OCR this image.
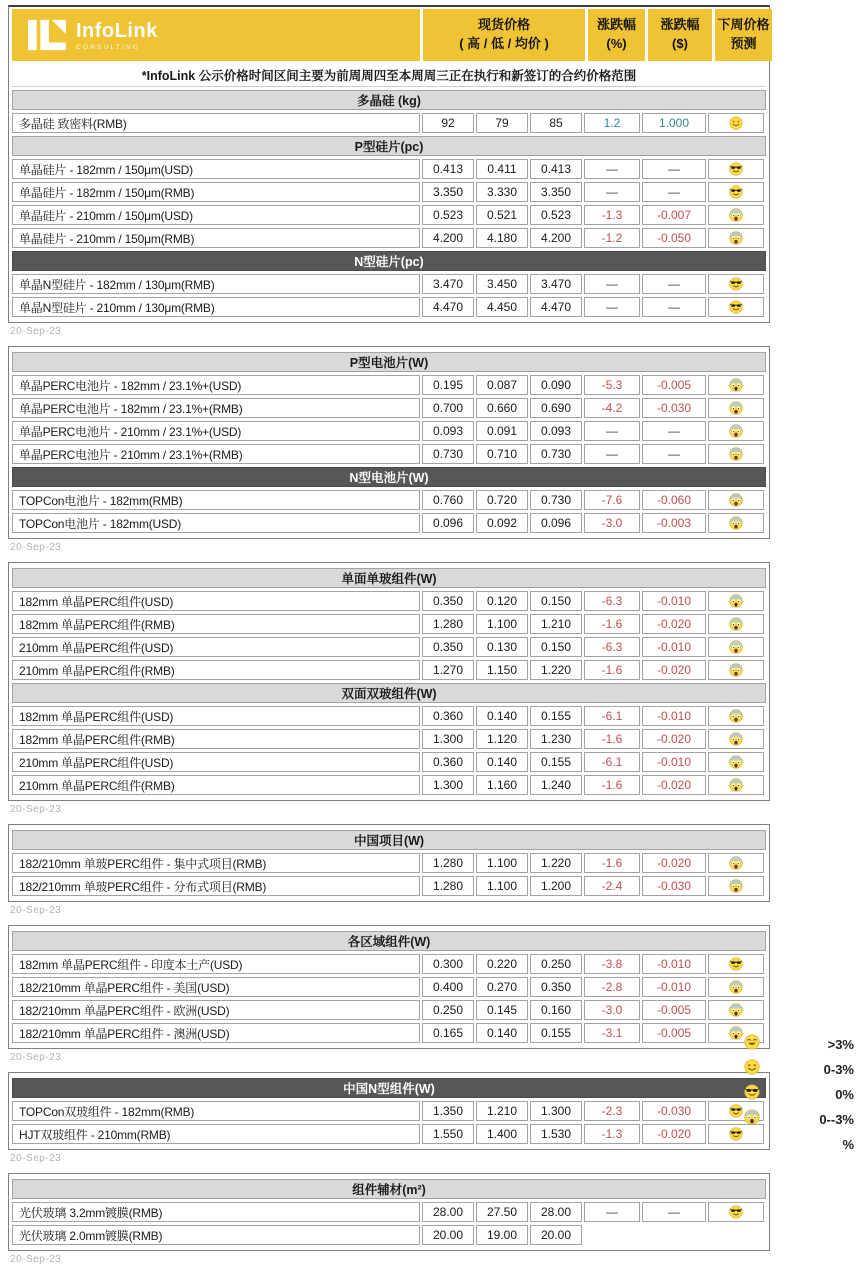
InfoLink
CONSULTING
现货价格
( 高 / 低 / 均价 )
涨跌幅
(%)
涨跌幅
($)
下周价格
预测
*InfoLink 公示价格时间区间主要为前周周四至本周周三正在执行和新签订的合约价格范围
多晶硅 (kg)
多晶硅 致密料(RMB)	92	79	85	1.2	1.000
P型硅片(pc)
单晶硅片 - 182mm / 150μm(USD)	0.413	0.411	0.413	—	—
单晶硅片 - 182mm / 150μm(RMB)	3.350	3.330	3.350	—	—
单晶硅片 - 210mm / 150μm(USD)	0.523	0.521	0.523	-1.3	-0.007
单晶硅片 - 210mm / 150μm(RMB)	4.200	4.180	4.200	-1.2	-0.050
N型硅片(pc)
单晶N型硅片 - 182mm / 130μm(RMB)	3.470	3.450	3.470	—	—
单晶N型硅片 - 210mm / 130μm(RMB)	4.470	4.450	4.470	—	—
20-Sep-23
P型电池片(W)
单晶PERC电池片 - 182mm / 23.1%+(USD)	0.195	0.087	0.090	-5.3	-0.005
单晶PERC电池片 - 182mm / 23.1%+(RMB)	0.700	0.660	0.690	-4.2	-0.030
单晶PERC电池片 - 210mm / 23.1%+(USD)	0.093	0.091	0.093	—	—
单晶PERC电池片 - 210mm / 23.1%+(RMB)	0.730	0.710	0.730	—	—
N型电池片(W)
TOPCon电池片 - 182mm(RMB)	0.760	0.720	0.730	-7.6	-0.060
TOPCon电池片 - 182mm(USD)	0.096	0.092	0.096	-3.0	-0.003
20-Sep-23
单面单玻组件(W)
182mm 单晶PERC组件(USD)	0.350	0.120	0.150	-6.3	-0.010
182mm 单晶PERC组件(RMB)	1.280	1.100	1.210	-1.6	-0.020
210mm 单晶PERC组件(USD)	0.350	0.130	0.150	-6.3	-0.010
210mm 单晶PERC组件(RMB)	1.270	1.150	1.220	-1.6	-0.020
双面双玻组件(W)
182mm 单晶PERC组件(USD)	0.360	0.140	0.155	-6.1	-0.010
182mm 单晶PERC组件(RMB)	1.300	1.120	1.230	-1.6	-0.020
210mm 单晶PERC组件(USD)	0.360	0.140	0.155	-6.1	-0.010
210mm 单晶PERC组件(RMB)	1.300	1.160	1.240	-1.6	-0.020
20-Sep-23
中国项目(W)
182/210mm 单玻PERC组件 - 集中式项目(RMB)	1.280	1.100	1.220	-1.6	-0.020
182/210mm 单玻PERC组件 - 分布式项目(RMB)	1.280	1.100	1.200	-2.4	-0.030
20-Sep-23
各区域组件(W)
182mm 单晶PERC组件 - 印度本土产(USD)	0.300	0.220	0.250	-3.8	-0.010
182/210mm 单晶PERC组件 - 美国(USD)	0.400	0.270	0.350	-2.8	-0.010
182/210mm 单晶PERC组件 - 欧洲(USD)	0.250	0.145	0.160	-3.0	-0.005
182/210mm 单晶PERC组件 - 澳洲(USD)	0.165	0.140	0.155	-3.1	-0.005
20-Sep-23
中国N型组件(W)
TOPCon双玻组件 - 182mm(RMB)	1.350	1.210	1.300	-2.3	-0.030
HJT双玻组件 - 210mm(RMB)	1.550	1.400	1.530	-1.3	-0.020
20-Sep-23
组件辅材(m²)
光伏玻璃 3.2mm镀膜(RMB)	28.00	27.50	28.00	—	—
光伏玻璃 2.0mm镀膜(RMB)	20.00	19.00	20.00
20-Sep-23
>3%
0-3%
0%
0--3%
%
